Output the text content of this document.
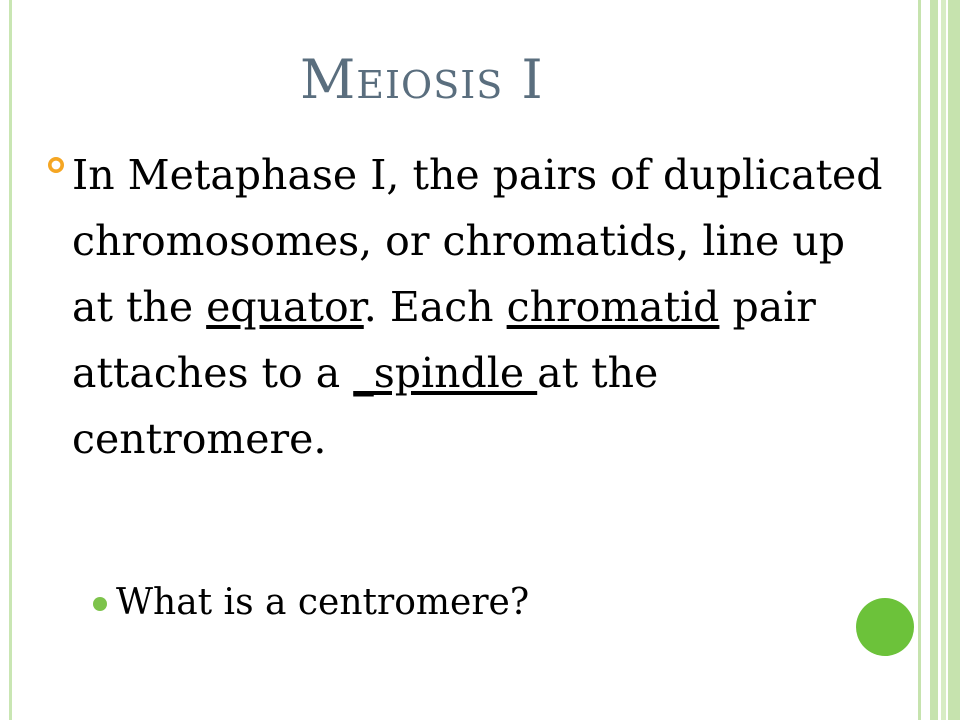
Meiosis I
In Metaphase I, the pairs of duplicated chromosomes, or chromatids, line up at the equator. Each chromatid pair attaches to a _spindle at the centromere.
What is a centromere?
